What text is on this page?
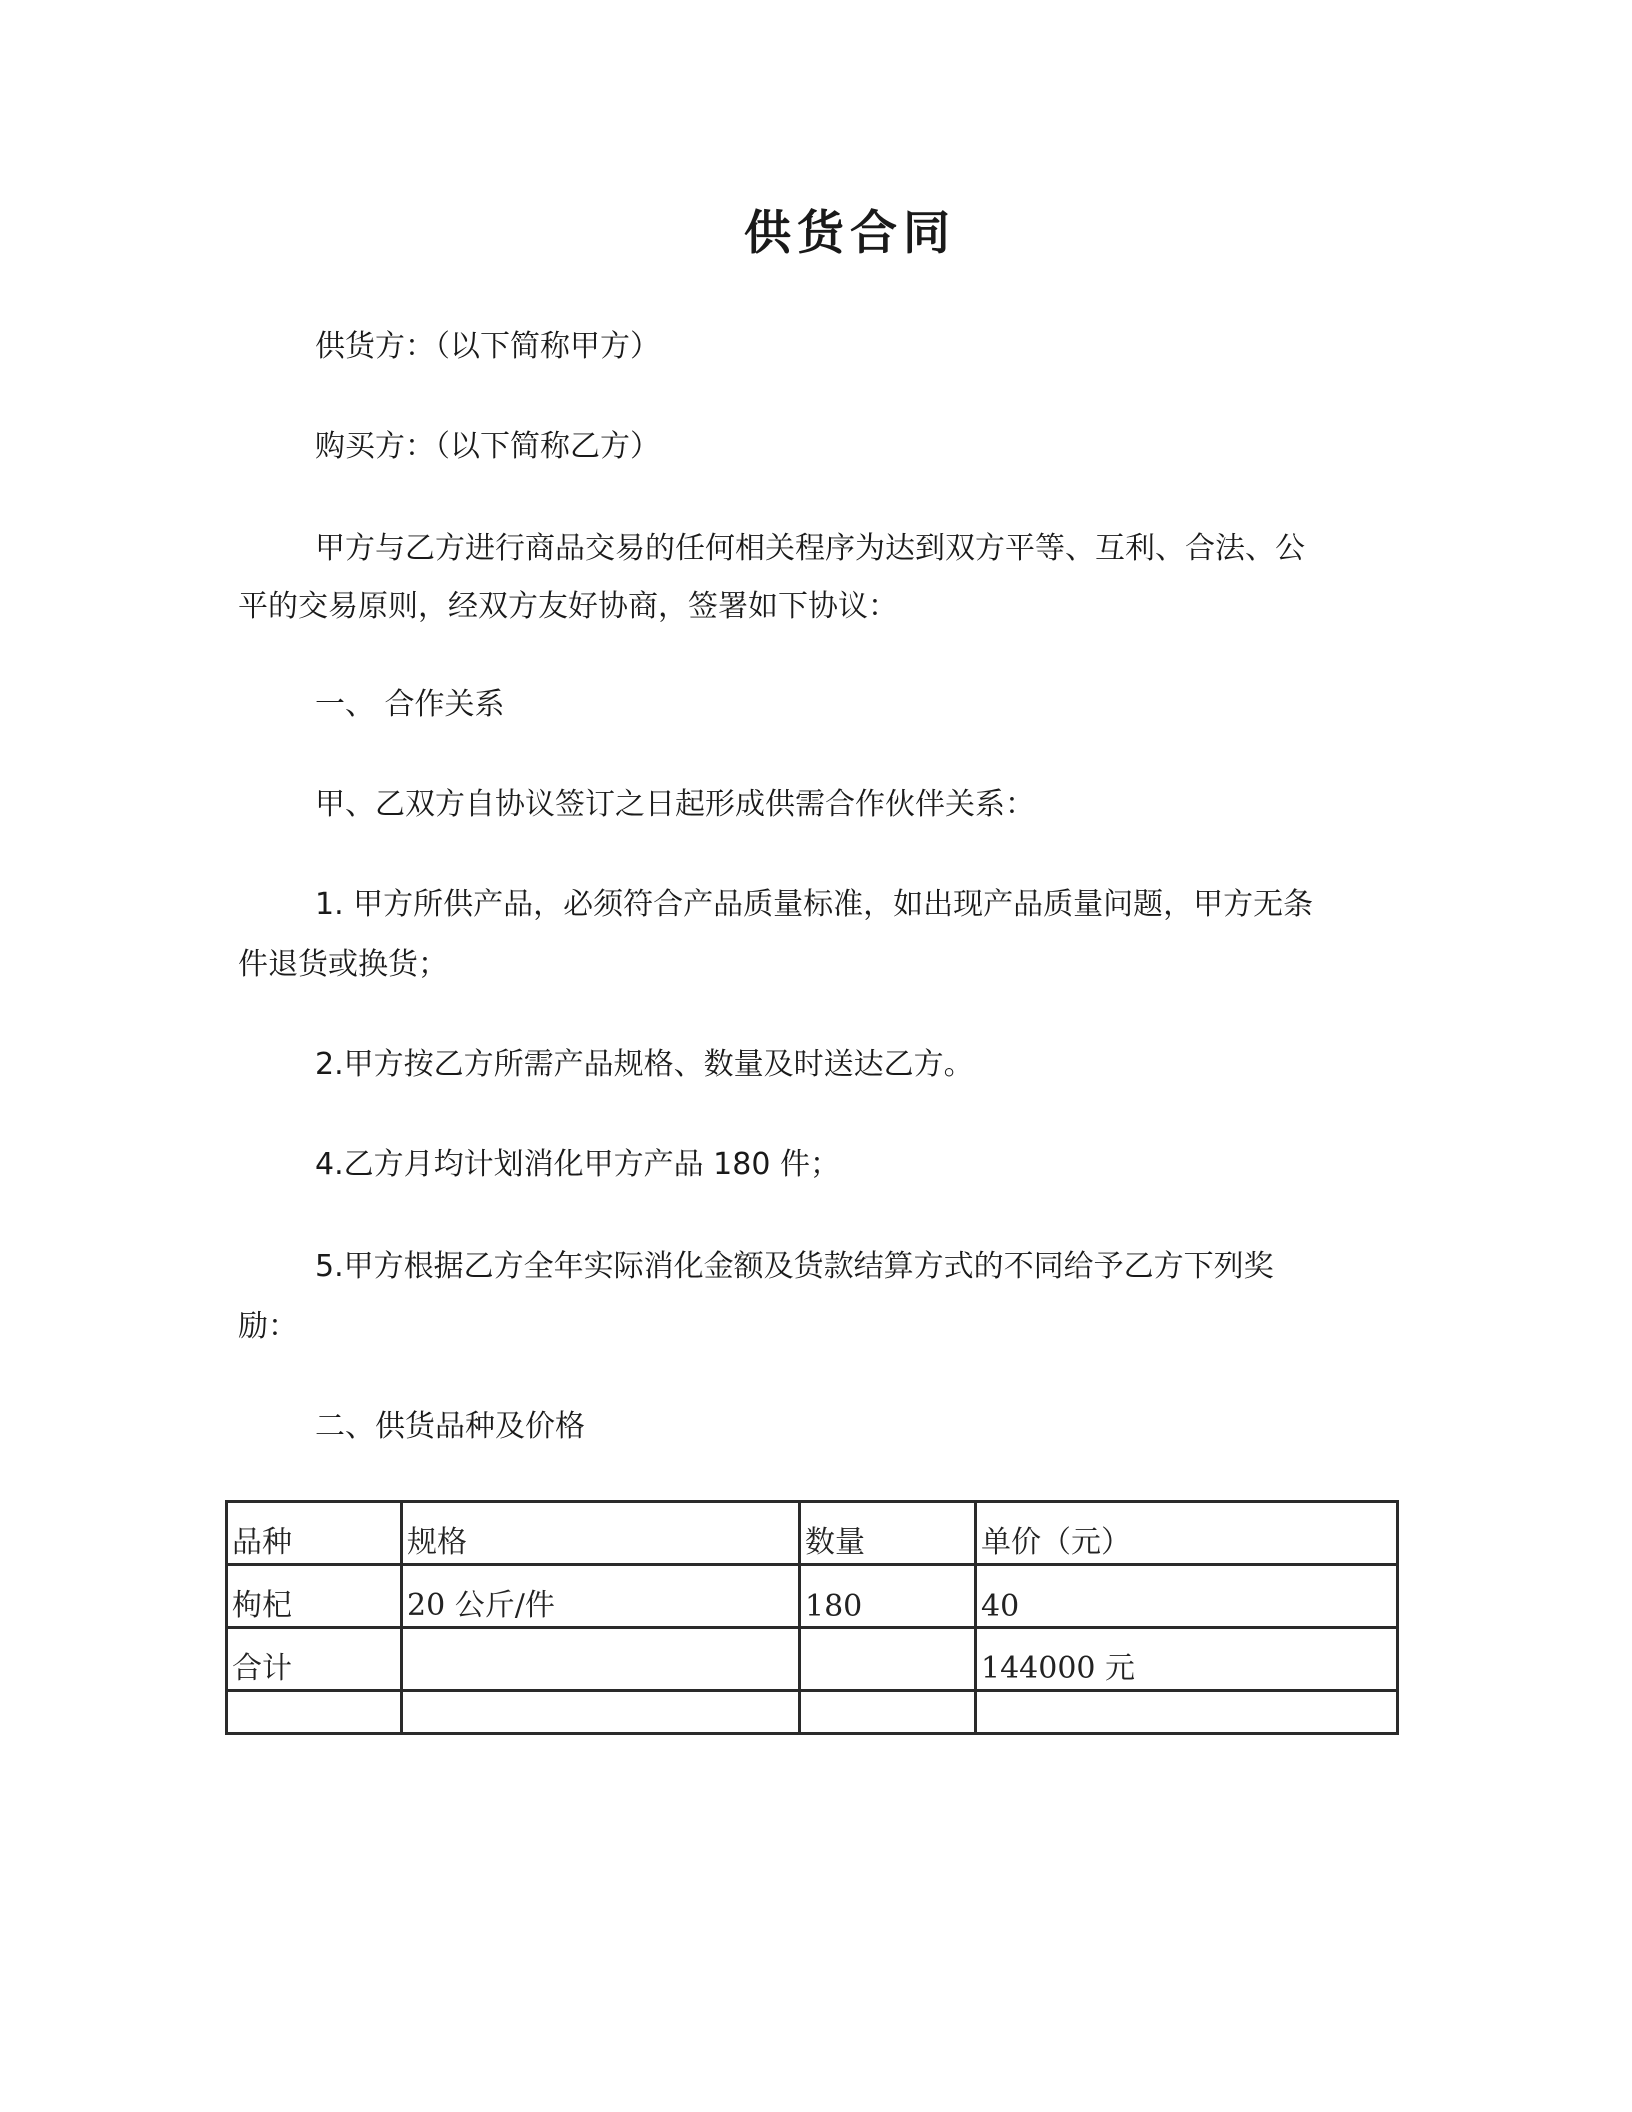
供货合同
供货方：（以下简称甲方）
购买方：（以下简称乙方）
甲方与乙方进行商品交易的任何相关程序为达到双方平等、互利、合法、公
平的交易原则，经双方友好协商，签署如下协议：
一、 合作关系
甲、乙双方自协议签订之日起形成供需合作伙伴关系：
1. 甲方所供产品，必须符合产品质量标准，如出现产品质量问题，甲方无条
件退货或换货；
2.甲方按乙方所需产品规格、数量及时送达乙方。
4.乙方月均计划消化甲方产品 180 件；
5.甲方根据乙方全年实际消化金额及货款结算方式的不同给予乙方下列奖
励：
二、供货品种及价格
品种	规格	数量	单价（元）
枸杞	20 公斤/件	180	40
合计			144000 元
